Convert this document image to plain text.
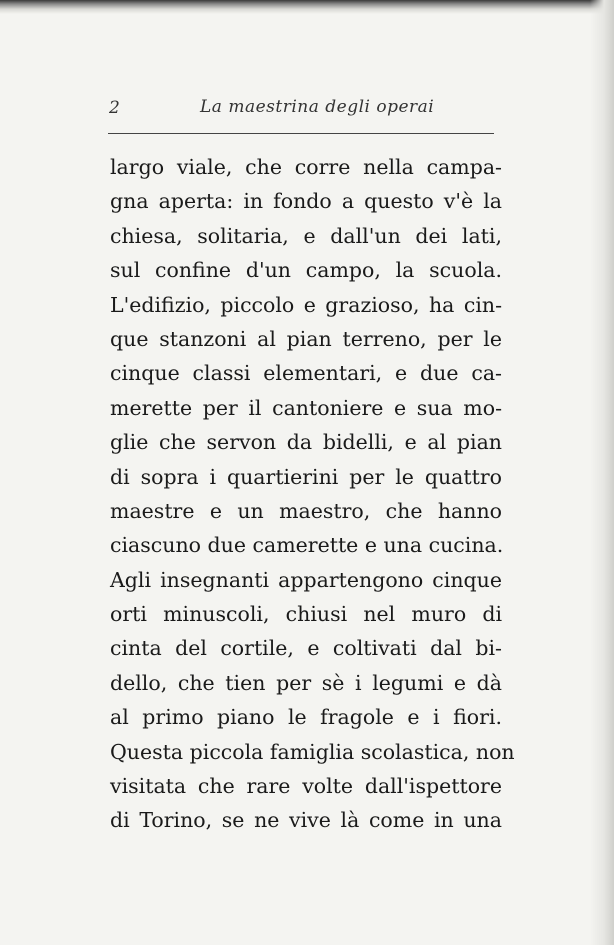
2	La maestrina degli operai
largo viale, che corre nella campa-
gna aperta: in fondo a questo v'è la
chiesa, solitaria, e dall'un dei lati,
sul confine d'un campo, la scuola.
L'edifizio, piccolo e grazioso, ha cin-
que stanzoni al pian terreno, per le
cinque classi elementari, e due ca-
merette per il cantoniere e sua mo-
glie che servon da bidelli, e al pian
di sopra i quartierini per le quattro
maestre e un maestro, che hanno
ciascuno due camerette e una cucina.
Agli insegnanti appartengono cinque
orti minuscoli, chiusi nel muro di
cinta del cortile, e coltivati dal bi-
dello, che tien per sè i legumi e dà
al primo piano le fragole e i fiori.
Questa piccola famiglia scolastica, non
visitata che rare volte dall'ispettore
di Torino, se ne vive là come in una
